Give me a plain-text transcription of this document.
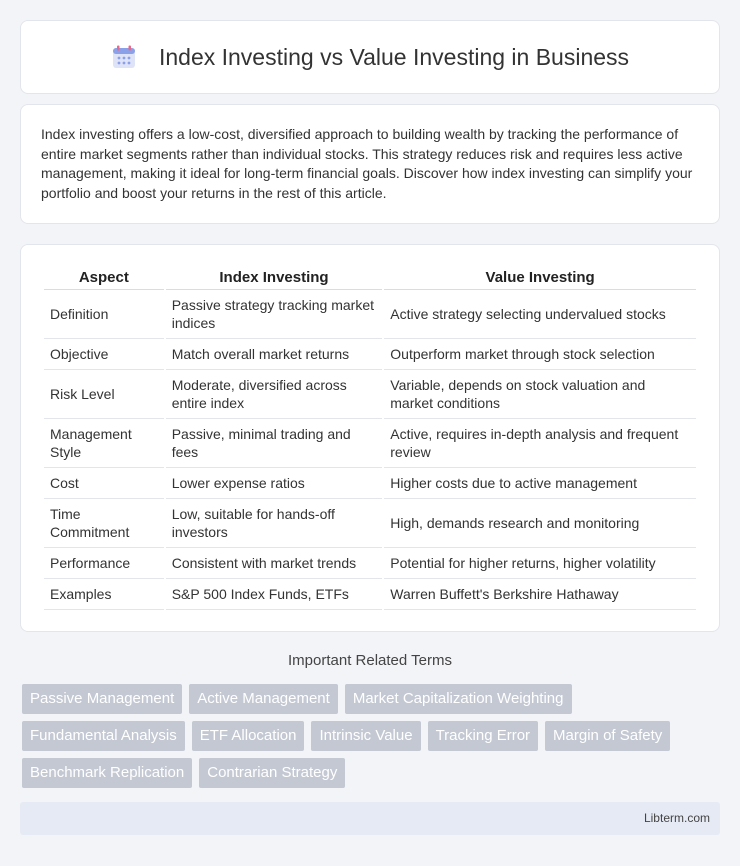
Index Investing vs Value Investing in Business

Index investing offers a low-cost, diversified approach to building wealth by tracking the performance of entire market segments rather than individual stocks. This strategy reduces risk and requires less active management, making it ideal for long-term financial goals. Discover how index investing can simplify your portfolio and boost your returns in the rest of this article.

Aspect	Index Investing	Value Investing
Definition	Passive strategy tracking market indices	Active strategy selecting undervalued stocks
Objective	Match overall market returns	Outperform market through stock selection
Risk Level	Moderate, diversified across entire index	Variable, depends on stock valuation and market conditions
Management Style	Passive, minimal trading and fees	Active, requires in-depth analysis and frequent review
Cost	Lower expense ratios	Higher costs due to active management
Time Commitment	Low, suitable for hands-off investors	High, demands research and monitoring
Performance	Consistent with market trends	Potential for higher returns, higher volatility
Examples	S&P 500 Index Funds, ETFs	Warren Buffett's Berkshire Hathaway
Important Related Terms
Passive Management	Active Management	Market Capitalization Weighting
Fundamental Analysis	ETF Allocation	Intrinsic Value	Tracking Error	Margin of Safety
Benchmark Replication	Contrarian Strategy
Libterm.com
